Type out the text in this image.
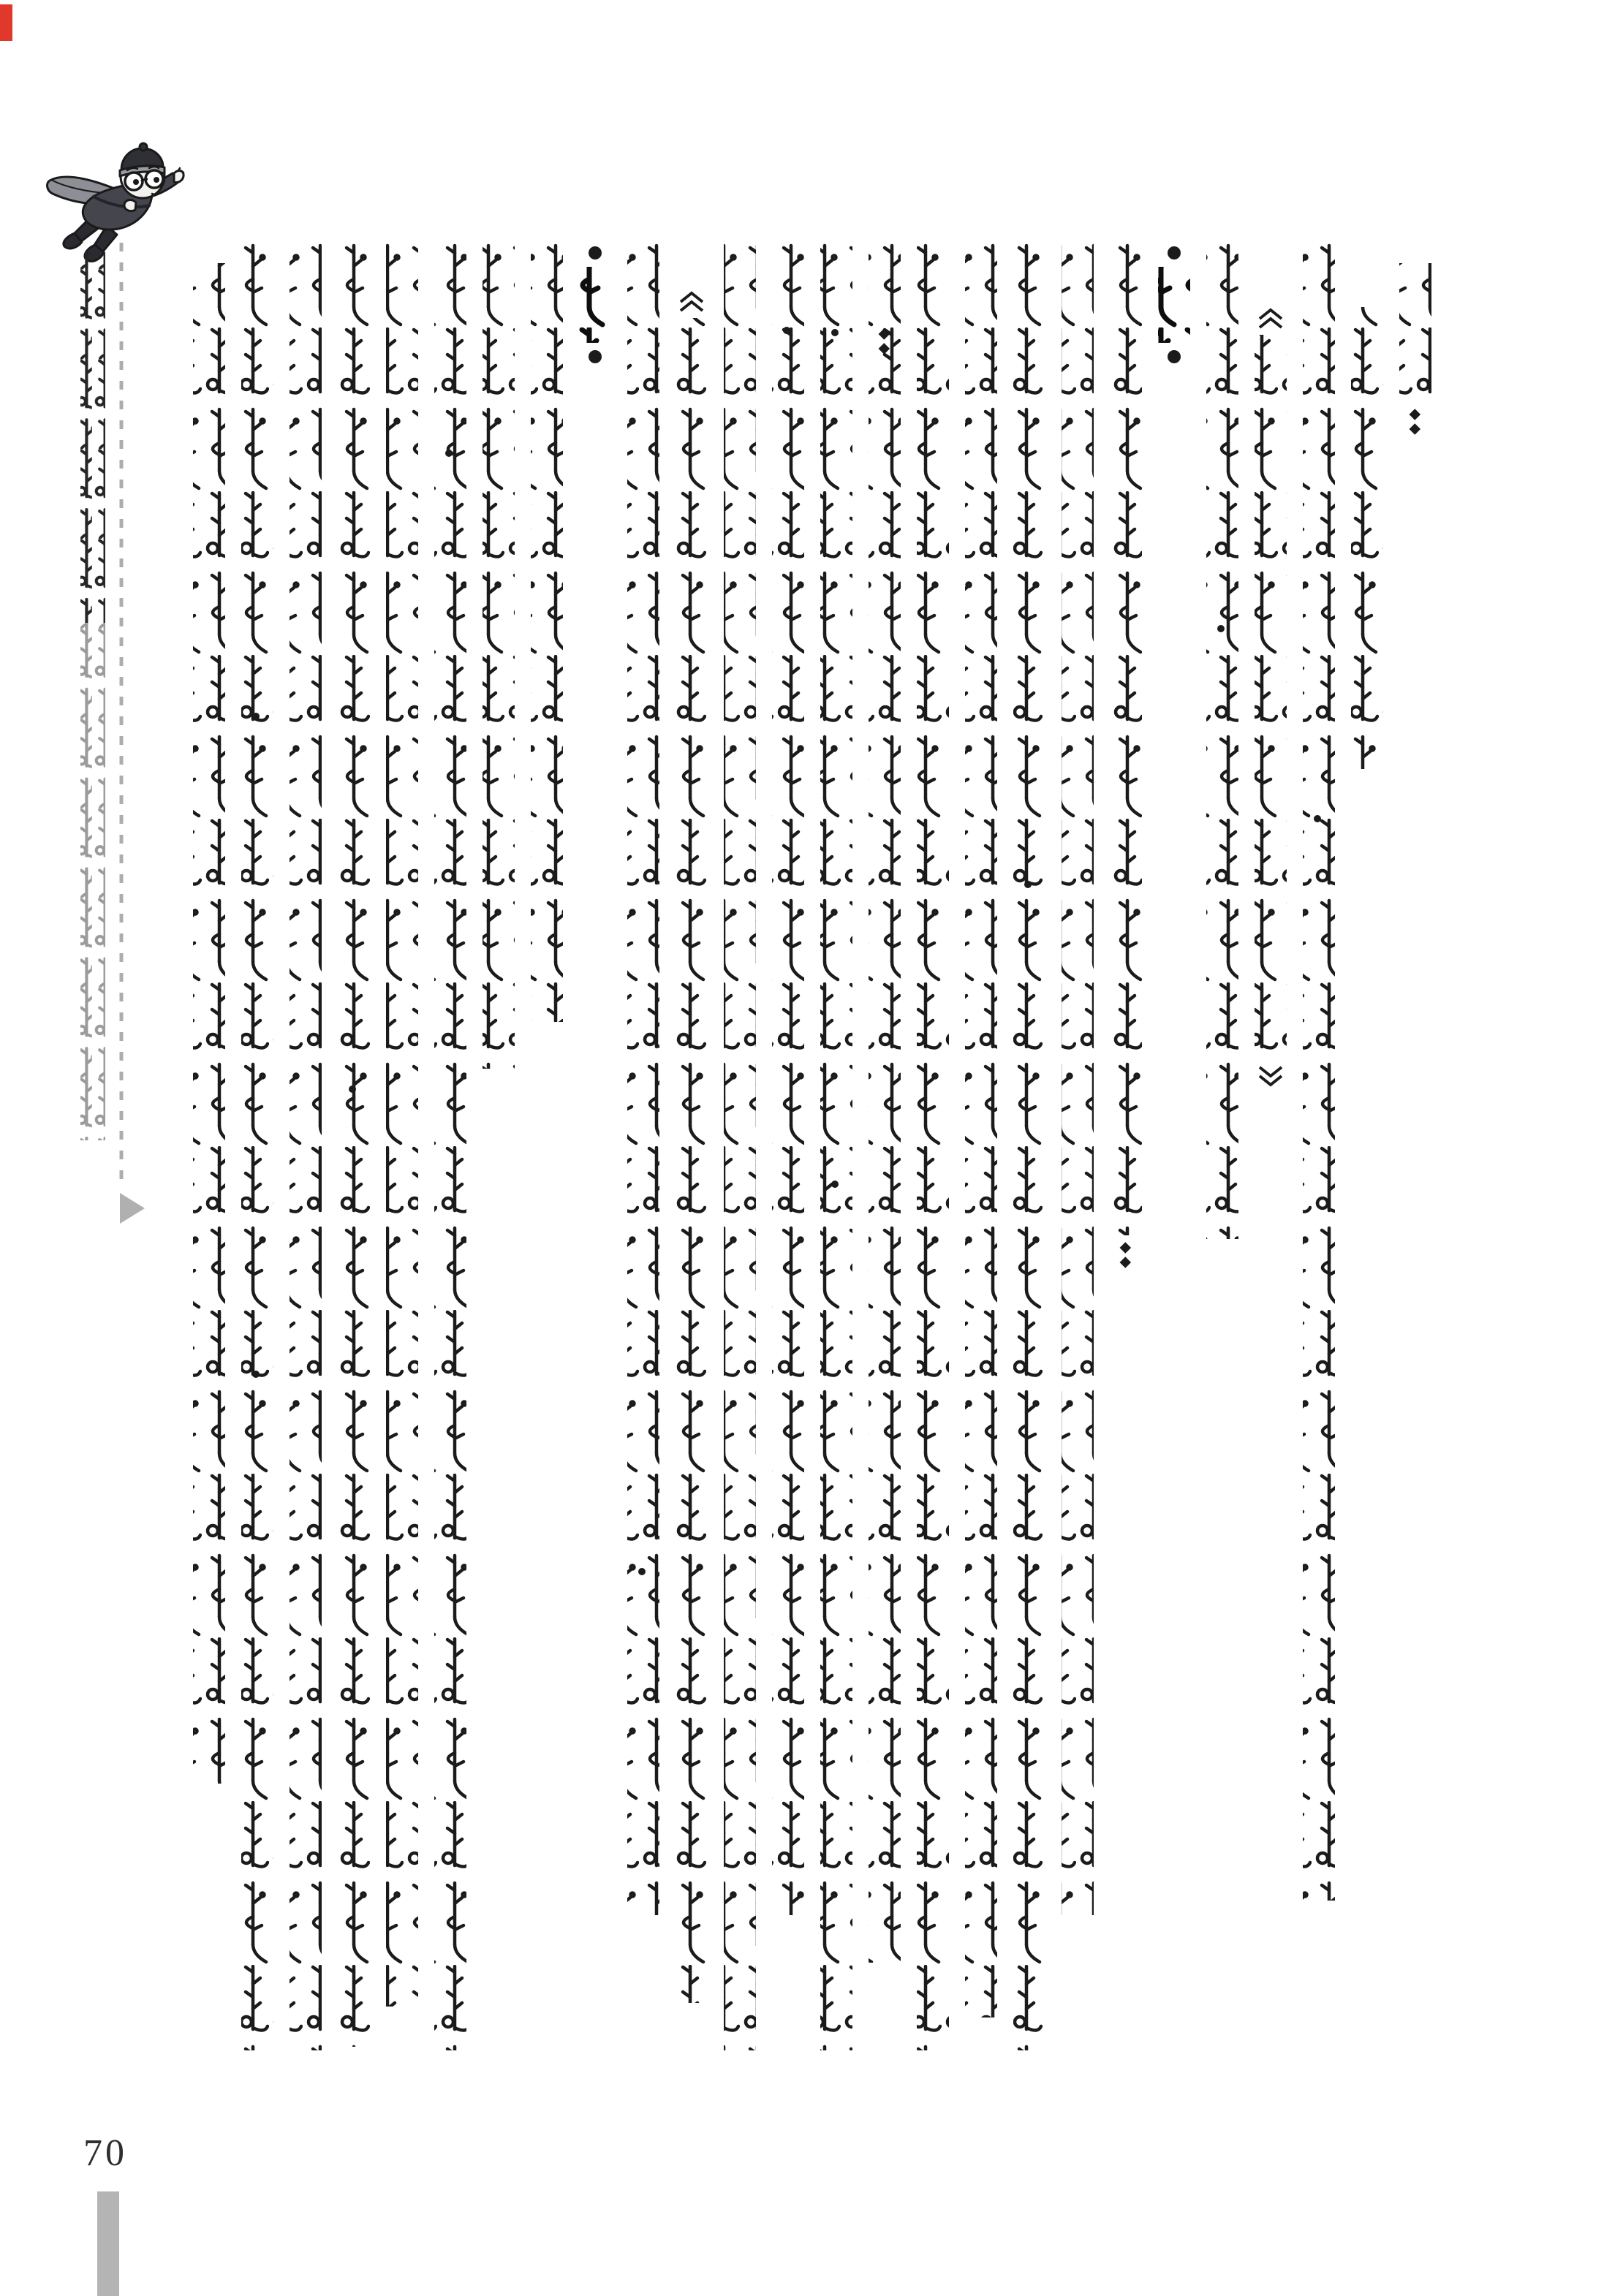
70
